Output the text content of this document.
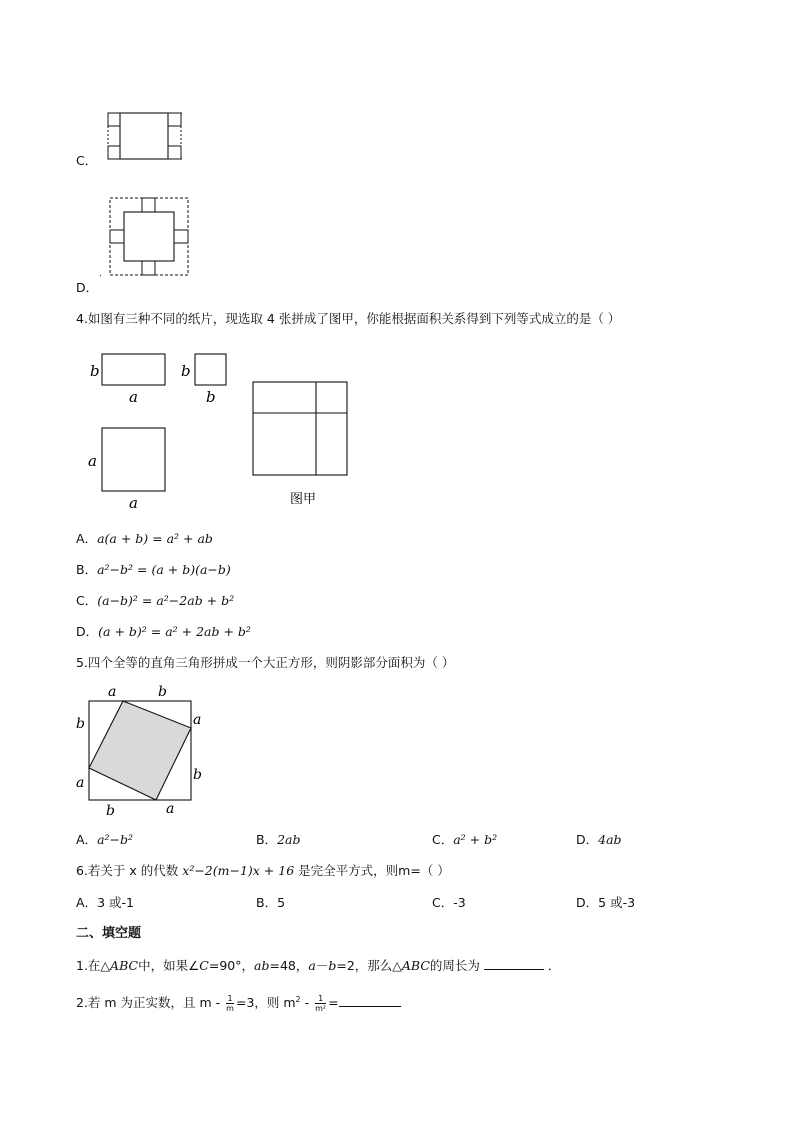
C．
.
D．
4.如图有三种不同的纸片，现选取 4 张拼成了图甲，你能根据面积关系得到下列等式成立的是（ ）
b
a
b
b
a
a	图甲
A．a(a + b) = a² + ab
B．a²−b² = (a + b)(a−b)
C．(a−b)² = a²−2ab + b²
D．(a + b)² = a² + 2ab + b²
5.四个全等的直角三角形拼成一个大正方形，则阴影部分面积为（ ）
a	b
a
b
b
a
b	a
A．a²−b²	B．2ab	C．a² + b²	D．4ab
6.若关于 x 的代数 x²−2(m−1)x + 16 是完全平方式，则m=（ ）
A．3 或-1	B．5	C．-3	D．5 或-3
二、填空题
1.在△ABC中，如果∠C=90°，ab=48，a－b=2，那么△ABC的周长为	．
2.若 m 为正实数，且 $m - \frac{1}{m} =3$，则 $m^2 - \frac{1}{\text{m²}}$ =
